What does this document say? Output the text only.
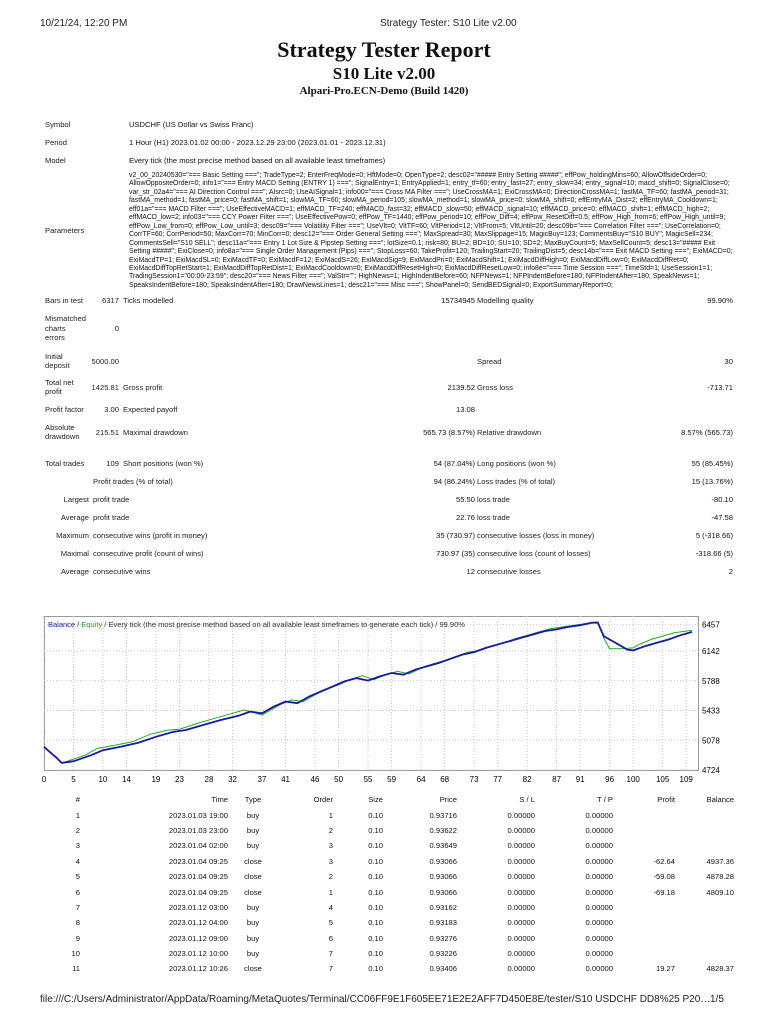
10/21/24, 12:20 PM	Strategy Tester: S10 Lite v2.00
Strategy Tester Report
S10 Lite v2.00
Alpari-Pro.ECN-Demo (Build 1420)
Symbol		USDCHF (US Dollar vs Swiss Franc)			
Period		1 Hour (H1) 2023.01.02 00:00 - 2023.12.29 23:00 (2023.01.01 - 2023.12.31)			
Model		Every tick (the most precise method based on all available least timeframes)			
Parameters		v2_00_20240530="=== Basic Setting ==="; TradeType=2; EnterFreqMode=0; HftMode=0; OpenType=2; desc02="##### Entry Setting #####"; effPow_holdingMins=60; AllowOffsideOrder=0; AllowOppositeOrder=0; info1="=== Entry MACD Setting (ENTRY 1) ==="; SignalEntry=1; EntryApplied=1; entry_tf=60; entry_fast=27; entry_slow=34; entry_signal=10; macd_shift=0; SignalClose=0; var_str_02a4="=== AI Direction Control ==="; AIsrc=0; UseAISignal=1; info00="=== Cross MA Filter ==="; UseCrossMA=1; ExiCrossMA=0; DirectionCrossMA=1; fastMA_TF=60; fastMA_period=31; fastMA_method=1; fastMA_price=0; fastMA_shift=1; slowMA_TF=60; slowMA_period=105; slowMA_method=1; slowMA_price=0; slowMA_shift=0; effEntryMA_Dist=2; effEntryMA_Cooldown=1; eff01a="=== MACD Filter ==="; UseEffectiveMACD=1; effMACD_TF=240; effMACD_fast=32; effMACD_slow=50; effMACD_signal=10; effMACD_price=0; effMACD_shift=1; effMACD_high=2; effMACD_low=2; info03="=== CCY Power Filter ==="; UseEffectivePow=0; effPow_TF=1440; effPow_period=10; effPow_Diff=4; effPow_ResetDiff=0.5; effPow_High_from=6; effPow_High_until=9; effPow_Low_from=0; effPow_Low_until=3; desc09="=== Volatility Filter ==="; UseVlt=0; VltTF=60; VltPeriod=12; VltFrom=5; VltUntil=20; desc09b="=== Correlation Filter ==="; UseCorrelation=0; CorrTF=60; CorrPeriod=50; MaxCorr=70; MinCorr=0; desc12="=== Order General Setting ==="; MaxSpread=30; MaxSlippage=15; MagicBuy=123; CommentsBuy="S10 BUY"; MagicSell=234; CommentsSell="S10 SELL"; desc11a="=== Entry 1 Lot Size & Pipstep Setting ==="; lotSize=0.1; risk=80; BU=2; BD=10; SU=10; SD=2; MaxBuyCount=5; MaxSellCount=5; desc13="##### Exit Setting #####"; ExiClose=0; info8a="=== Single Order Management (Pips) ==="; StopLoss=60; TakeProfit=120; TrailingStart=20; TrailingDist=5; desc14b="=== Exit MACD Setting ==="; ExiMACD=0; ExiMacdTP=1; ExiMacdSL=0; ExiMacdTF=0; ExiMacdF=12; ExiMacdS=26; ExiMacdSig=9; ExiMacdPri=0; ExiMacdShift=1; ExiMacdDiffHigh=0; ExiMacdDiffLow=0; ExiMacdDiffRet=0; ExiMacdDiffTopRetStart=1; ExiMacdDiffTopRetDist=1; ExiMacdCooldown=0; ExiMacdDiffResetHigh=0; ExiMacdDiffResetLow=0; info8e="=== Time Session ==="; TimeStd=1; UseSession1=1; TradingSession1="00:00-23:59"; desc20="=== News Filter ==="; ValStr=""; HighNews=1; HighIndentBefore=60; NFPNews=1; NFPIndentBefore=180; NFPIndentAfter=180; SpeakNews=1; SpeaksIndentBefore=180; SpeaksIndentAfter=180; DrawNewsLines=1; desc21="=== Misc ==="; ShowPanel=0; SendBEDSignal=0; ExportSummaryReport=0;			
Bars in test		6317 Ticks modelled	15734945	Modelling quality	99.90%
Mismatched
charts
errors		0			
Initial
deposit		5000.00		Spread	30
Total net
profit		1425.81 Gross profit	2139.52	Gross loss	-713.71
Profit factor		3.00 Expected payoff	13.08		
Absolute
drawdown		215.51 Maximal drawdown	565.73 (8.57%)	Relative drawdown	8.57% (565.73)

Total trades		109 Short positions (won %)	54 (87.04%)	Long positions (won %)	55 (85.45%)
		Profit trades (% of total)	94 (86.24%)	Loss trades (% of total)	15 (13.76%)
		Largest profit trade	55.50	loss trade	-80.10
		Average profit trade	22.76	loss trade	-47.58
		Maximum consecutive wins (profit in money)	35 (730.97)	consecutive losses (loss in money)	5 (-318.66)
		Maximal consecutive profit (count of wins)	730.97 (35)	consecutive loss (count of losses)	-318.66 (5)
		Average consecutive wins	12	consecutive losses	2
6457
6142
5788
5433
5078
4724
0	5	10 14	19 23	28 32	37 41	46 50	55 59	64 68	73 77	82	87 91	96 100 105 109
Balance / Equity / Every tick (the most precise method based on all available least timeframes to generate each tick) / 99.90%
#	Time	Type	Order	Size	Price	S / L	T / P	Profit	Balance
1	2023.01.03 19:00	buy	1	0.10	0.93716	0.00000	0.00000		
2	2023.01.03 23:00	buy	2	0.10	0.93622	0.00000	0.00000		
3	2023.01.04 02:00	buy	3	0.10	0.93649	0.00000	0.00000		
4	2023.01.04 09:25	close	3	0.10	0.93066	0.00000	0.00000	-62.64	4937.36
5	2023.01.04 09:25	close	2	0.10	0.93066	0.00000	0.00000	-59.08	4878.28
6	2023.01.04 09:25	close	1	0.10	0.93066	0.00000	0.00000	-69.18	4809.10
7	2023.01.12 03:00	buy	4	0.10	0.93162	0.00000	0.00000		
8	2023.01.12 04:00	buy	5	0.10	0.93183	0.00000	0.00000		
9	2023.01.12 09:00	buy	6	0.10	0.93276	0.00000	0.00000		
10	2023.01.12 10:00	buy	7	0.10	0.93226	0.00000	0.00000		
11	2023.01.12 10:26	close	7	0.10	0.93406	0.00000	0.00000	19.27	4828.37
file:///C:/Users/Administrator/AppData/Roaming/MetaQuotes/Terminal/CC06FF9E1F605EE71E2E2AFF7D450E8E/tester/S10 USDCHF DD8%25 P20… 1/5
